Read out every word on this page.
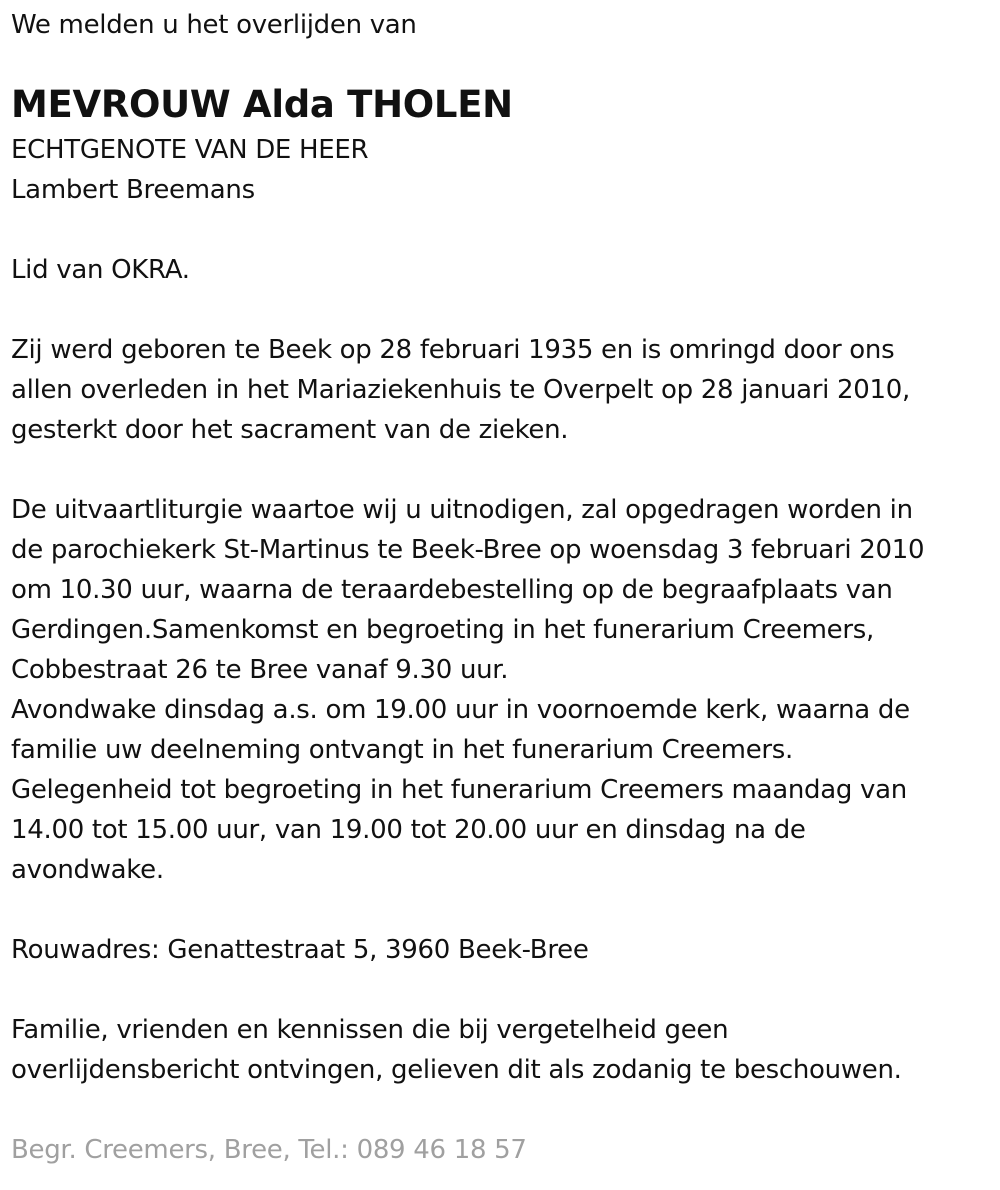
We melden u het overlijden van
MEVROUW Alda THOLEN
ECHTGENOTE VAN DE HEER
Lambert Breemans
Lid van OKRA.
Zij werd geboren te Beek op 28 februari 1935 en is omringd door ons
allen overleden in het Mariaziekenhuis te Overpelt op 28 januari 2010,
gesterkt door het sacrament van de zieken.
De uitvaartliturgie waartoe wij u uitnodigen, zal opgedragen worden in
de parochiekerk St-Martinus te Beek-Bree op woensdag 3 februari 2010
om 10.30 uur, waarna de teraardebestelling op de begraafplaats van
Gerdingen.Samenkomst en begroeting in het funerarium Creemers,
Cobbestraat 26 te Bree vanaf 9.30 uur.
Avondwake dinsdag a.s. om 19.00 uur in voornoemde kerk, waarna de
familie uw deelneming ontvangt in het funerarium Creemers.
Gelegenheid tot begroeting in het funerarium Creemers maandag van
14.00 tot 15.00 uur, van 19.00 tot 20.00 uur en dinsdag na de
avondwake.
Rouwadres: Genattestraat 5, 3960 Beek-Bree
Familie, vrienden en kennissen die bij vergetelheid geen
overlijdensbericht ontvingen, gelieven dit als zodanig te beschouwen.
Begr. Creemers, Bree, Tel.: 089 46 18 57
